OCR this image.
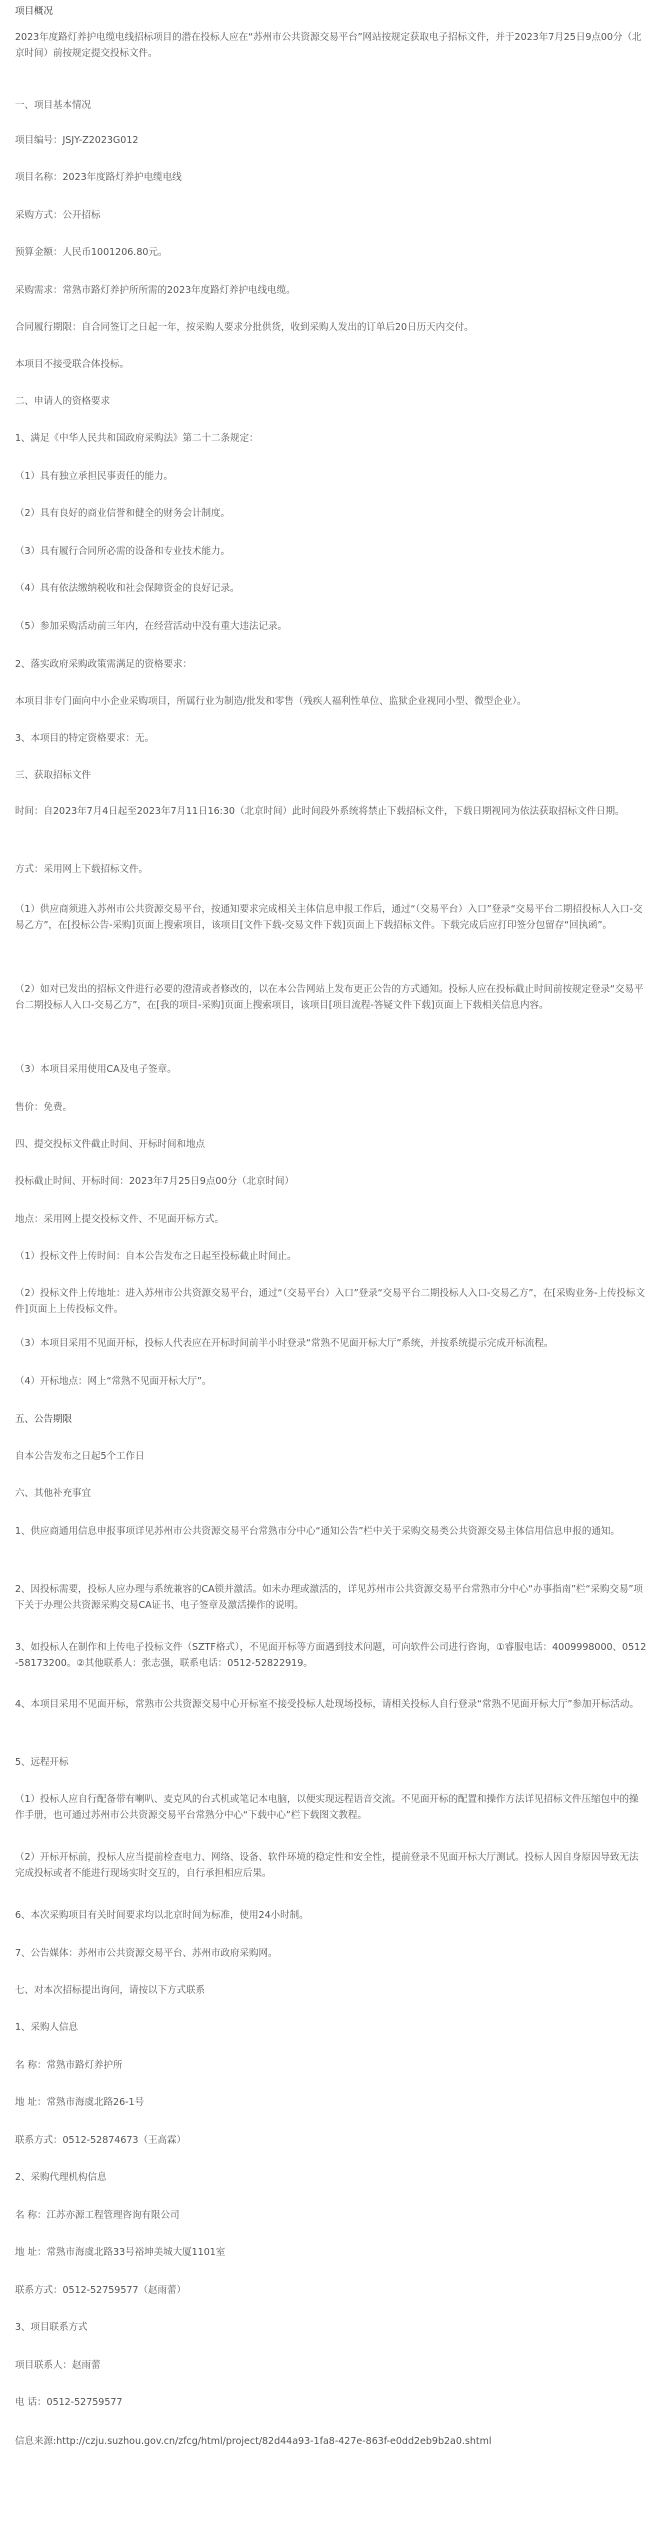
项目概况

2023年度路灯养护电缆电线招标项目的潜在投标人应在“苏州市公共资源交易平台”网站按规定获取电子招标文件，并于2023年7月25日9点00分（北京时间）前按规定提交投标文件。

一、项目基本情况

项目编号：JSJY-Z2023G012

项目名称：2023年度路灯养护电缆电线

采购方式：公开招标

预算金额：人民币1001206.80元。

采购需求：常熟市路灯养护所所需的2023年度路灯养护电线电缆。

合同履行期限：自合同签订之日起一年，按采购人要求分批供货，收到采购人发出的订单后20日历天内交付。

本项目不接受联合体投标。

二、申请人的资格要求

1、满足《中华人民共和国政府采购法》第二十二条规定：

（1）具有独立承担民事责任的能力。

（2）具有良好的商业信誉和健全的财务会计制度。

（3）具有履行合同所必需的设备和专业技术能力。

（4）具有依法缴纳税收和社会保障资金的良好记录。

（5）参加采购活动前三年内，在经营活动中没有重大违法记录。

2、落实政府采购政策需满足的资格要求：

本项目非专门面向中小企业采购项目，所属行业为制造/批发和零售（残疾人福利性单位、监狱企业视同小型、微型企业）。

3、本项目的特定资格要求：无。

三、获取招标文件

时间：自2023年7月4日起至2023年7月11日16:30（北京时间）此时间段外系统将禁止下载招标文件，下载日期视同为依法获取招标文件日期。

方式：采用网上下载招标文件。

（1）供应商须进入苏州市公共资源交易平台，按通知要求完成相关主体信息申报工作后，通过“（交易平台）入口”登录“交易平台二期招投标人入口-交易乙方”，在[投标公告-采购]页面上搜索项目，该项目[文件下载-交易文件下载]页面上下载招标文件。下载完成后应打印签分包留存“回执函”。

（2）如对已发出的招标文件进行必要的澄清或者修改的，以在本公告网站上发布更正公告的方式通知。投标人应在投标截止时间前按规定登录“交易平台二期投标人入口-交易乙方”，在[我的项目-采购]页面上搜索项目，该项目[项目流程-答疑文件下载]页面上下载相关信息内容。

（3）本项目采用使用CA及电子签章。

售价：免费。

四、提交投标文件截止时间、开标时间和地点

投标截止时间、开标时间：2023年7月25日9点00分（北京时间）

地点：采用网上提交投标文件、不见面开标方式。

（1）投标文件上传时间：自本公告发布之日起至投标截止时间止。

（2）投标文件上传地址：进入苏州市公共资源交易平台，通过“（交易平台）入口”登录“交易平台二期投标人入口-交易乙方”，在[采购业务-上传投标文件]页面上上传投标文件。

（3）本项目采用不见面开标，投标人代表应在开标时间前半小时登录“常熟不见面开标大厅”系统，并按系统提示完成开标流程。

（4）开标地点：网上“常熟不见面开标大厅”。

五、公告期限

自本公告发布之日起5个工作日

六、其他补充事宜

1、供应商通用信息申报事项详见苏州市公共资源交易平台常熟市分中心“通知公告”栏中关于采购交易类公共资源交易主体信用信息申报的通知。

2、因投标需要，投标人应办理与系统兼容的CA锁并激活。如未办理或激活的，详见苏州市公共资源交易平台常熟市分中心“办事指南”栏“采购交易”项下关于办理公共资源采购交易CA证书、电子签章及激活操作的说明。

3、如投标人在制作和上传电子投标文件（SZTF格式），不见面开标等方面遇到技术问题，可向软件公司进行咨询，①睿服电话：4009998000、0512-58173200。②其他联系人：张志强，联系电话：0512-52822919。

4、本项目采用不见面开标，常熟市公共资源交易中心开标室不接受投标人赴现场投标，请相关投标人自行登录“常熟不见面开标大厅”参加开标活动。

5、远程开标

（1）投标人应自行配备带有喇叭、麦克风的台式机或笔记本电脑，以便实现远程语音交流。不见面开标的配置和操作方法详见招标文件压缩包中的操作手册，也可通过苏州市公共资源交易平台常熟分中心“下载中心”栏下载图文教程。

（2）开标开标前，投标人应当提前检查电力、网络、设备、软件环境的稳定性和安全性，提前登录不见面开标大厅测试。投标人因自身原因导致无法完成投标或者不能进行现场实时交互的，自行承担相应后果。

6、本次采购项目有关时间要求均以北京时间为标准，使用24小时制。

7、公告媒体：苏州市公共资源交易平台、苏州市政府采购网。

七、对本次招标提出询问，请按以下方式联系

1、采购人信息

名 称：常熟市路灯养护所

地 址：常熟市海虞北路26-1号

联系方式：0512-52874673（王高霖）

2、采购代理机构信息

名 称：江苏亦源工程管理咨询有限公司

地 址：常熟市海虞北路33号裕坤美城大厦1101室

联系方式：0512-52759577（赵雨蕾）

3、项目联系方式

项目联系人：赵雨蕾

电 话：0512-52759577

信息来源:http://czju.suzhou.gov.cn/zfcg/html/project/82d44a93-1fa8-427e-863f-e0dd2eb9b2a0.shtml
